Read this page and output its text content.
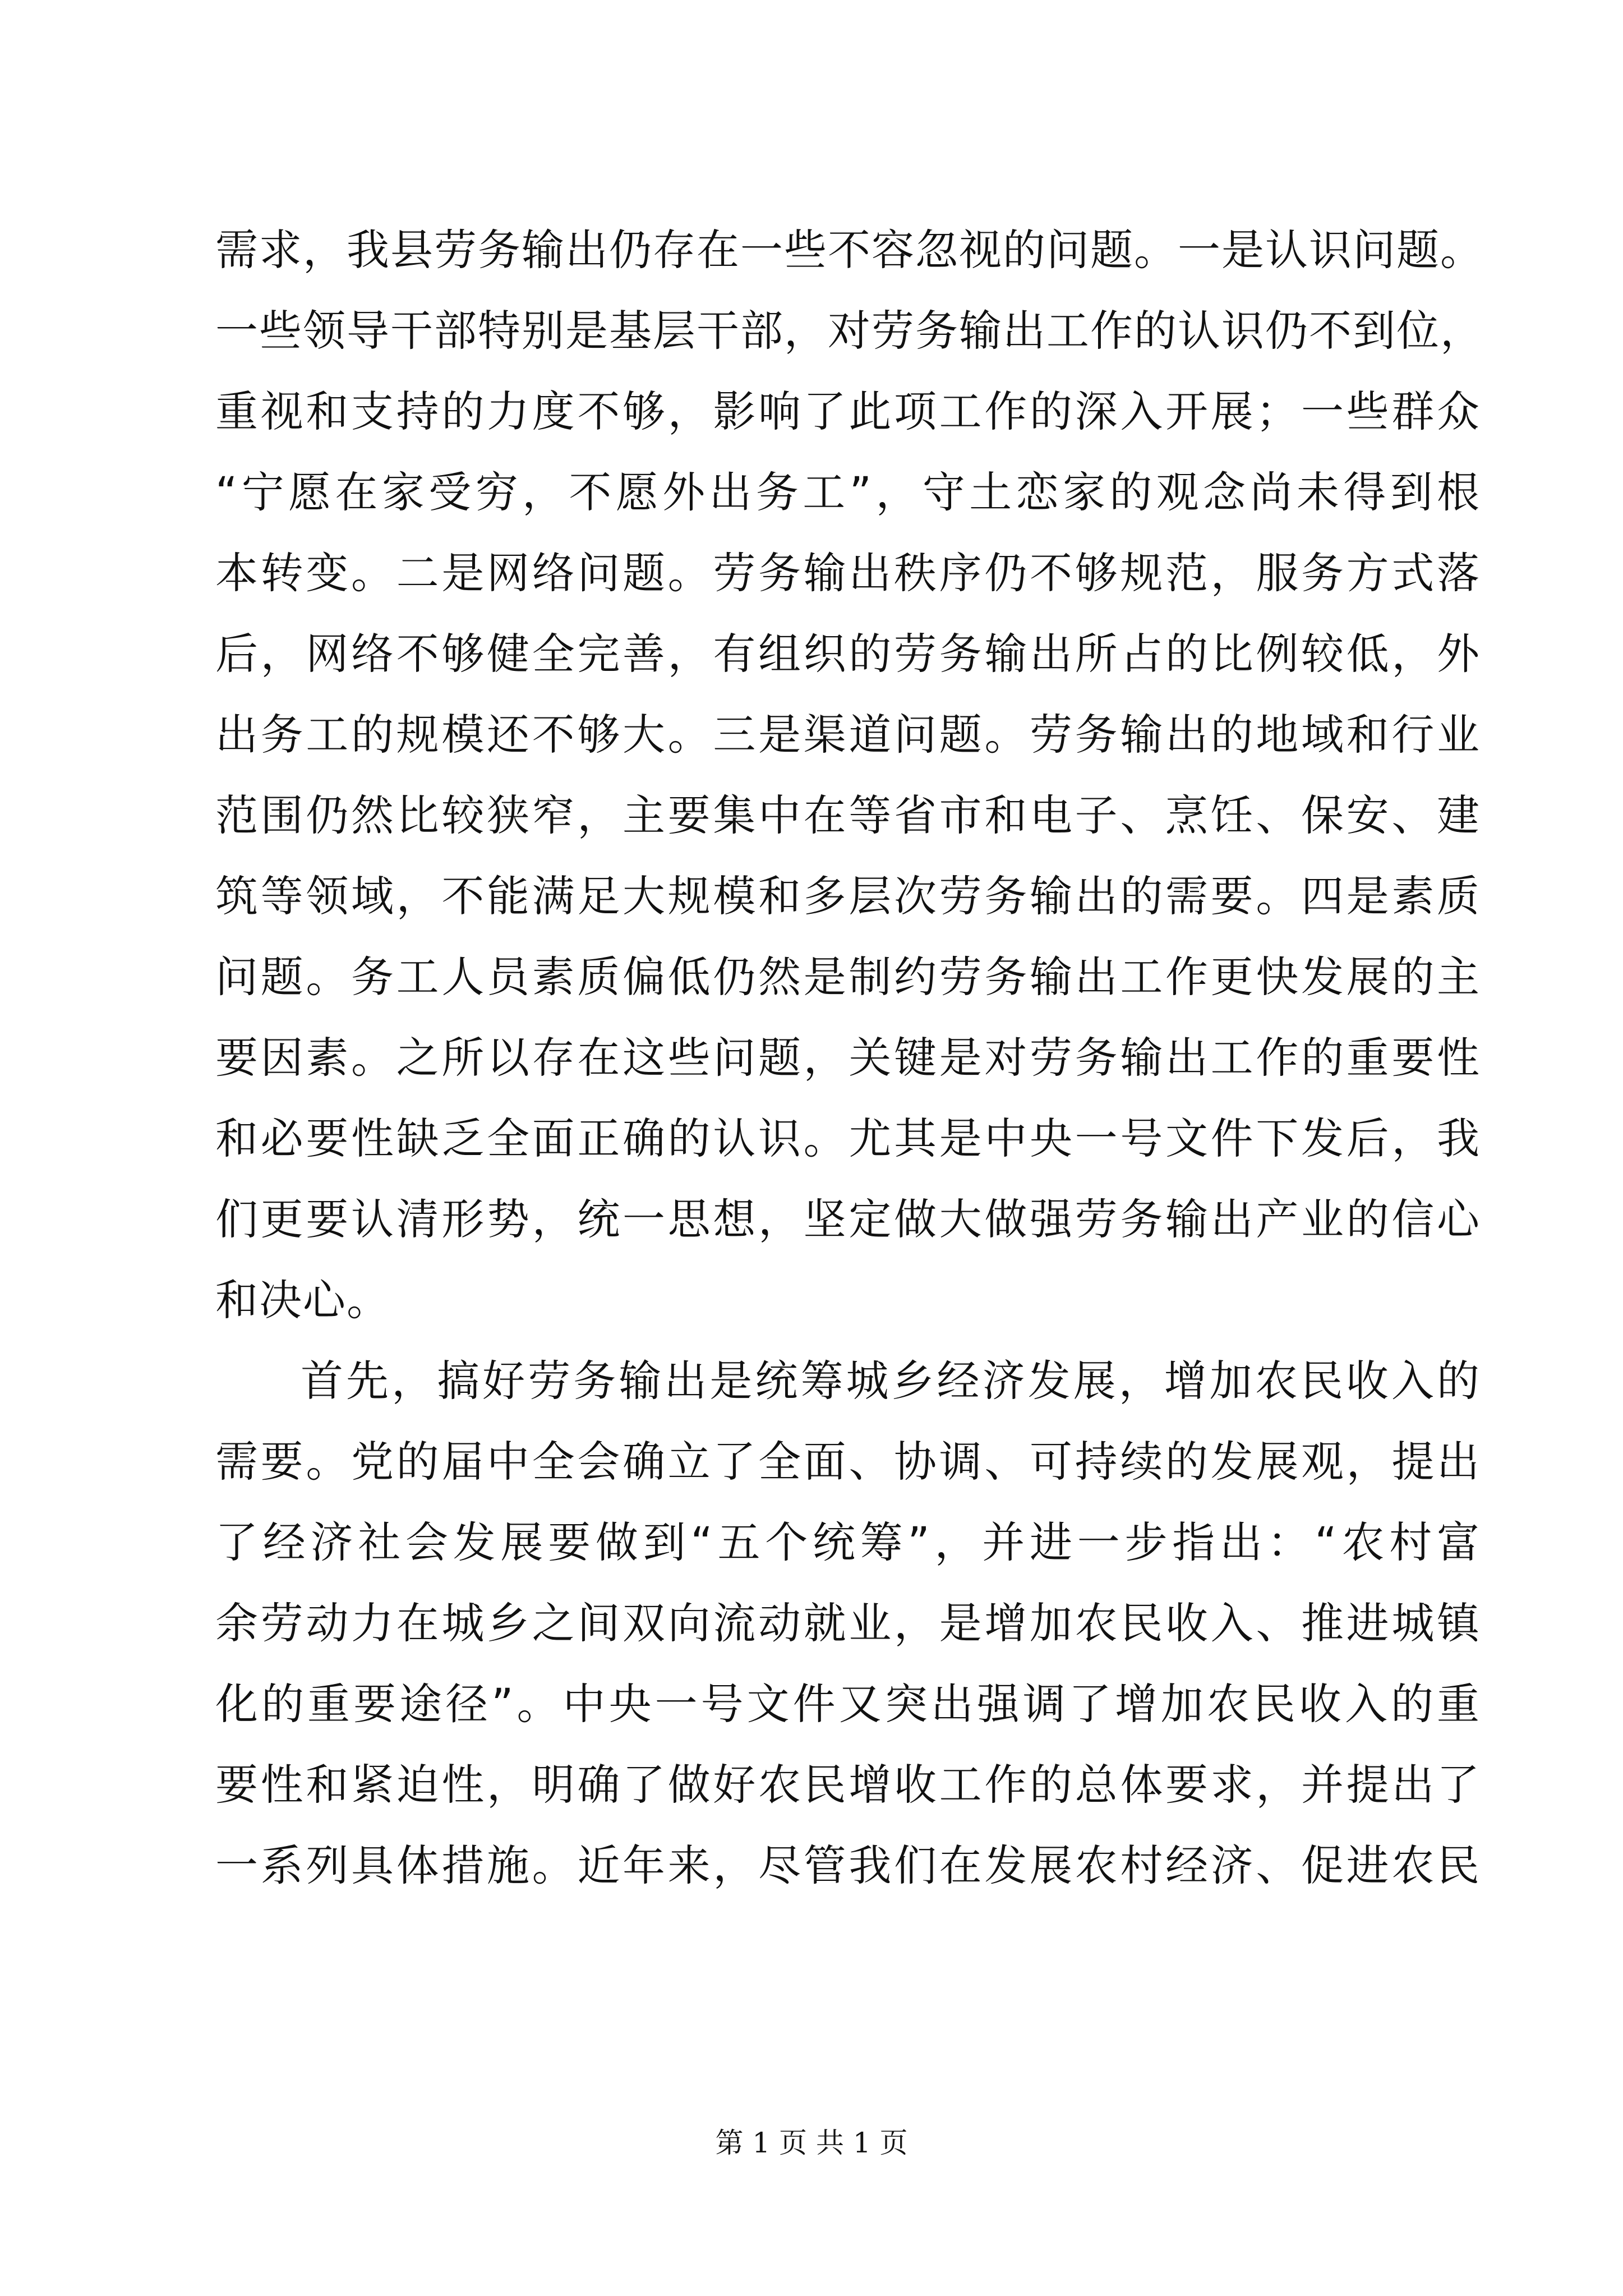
需求，我县劳务输出仍存在一些不容忽视的问题。一是认识问题。
一些领导干部特别是基层干部，对劳务输出工作的认识仍不到位，
重视和支持的力度不够，影响了此项工作的深入开展；一些群众
“宁愿在家受穷，不愿外出务工”，守土恋家的观念尚未得到根
本转变。二是网络问题。劳务输出秩序仍不够规范，服务方式落
后，网络不够健全完善，有组织的劳务输出所占的比例较低，外
出务工的规模还不够大。三是渠道问题。劳务输出的地域和行业
范围仍然比较狭窄，主要集中在等省市和电子、烹饪、保安、建
筑等领域，不能满足大规模和多层次劳务输出的需要。四是素质
问题。务工人员素质偏低仍然是制约劳务输出工作更快发展的主
要因素。之所以存在这些问题，关键是对劳务输出工作的重要性
和必要性缺乏全面正确的认识。尤其是中央一号文件下发后，我
们更要认清形势，统一思想，坚定做大做强劳务输出产业的信心
和决心。
首先，搞好劳务输出是统筹城乡经济发展，增加农民收入的
需要。党的届中全会确立了全面、协调、可持续的发展观，提出
了经济社会发展要做到“五个统筹”，并进一步指出：“农村富
余劳动力在城乡之间双向流动就业，是增加农民收入、推进城镇
化的重要途径”。中央一号文件又突出强调了增加农民收入的重
要性和紧迫性，明确了做好农民增收工作的总体要求，并提出了
一系列具体措施。近年来，尽管我们在发展农村经济、促进农民
第 1 页 共 1 页
